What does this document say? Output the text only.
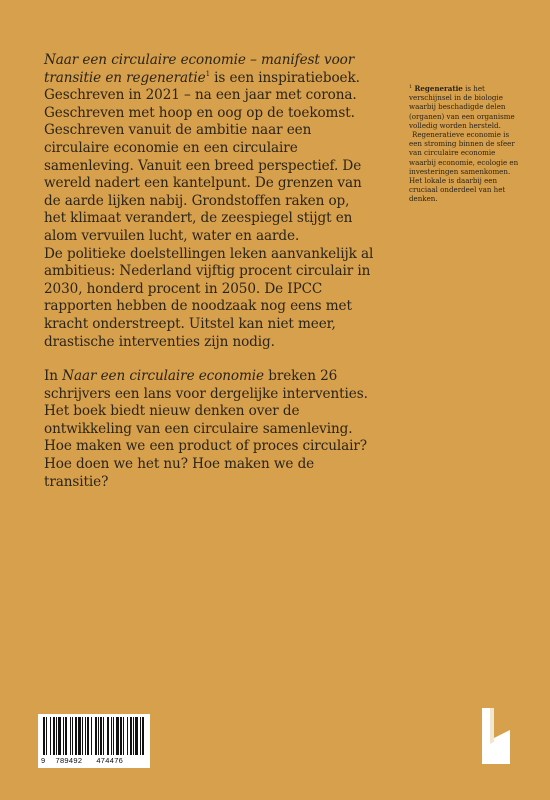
Naar een circulaire economie – manifest voor transitie en regeneratie$^1$ is een inspiratieboek. Geschreven in 2021 – na een jaar met corona. Geschreven met hoop en oog op de toekomst. Geschreven vanuit de ambitie naar een circulaire economie en een circulaire samenleving. Vanuit een breed perspectief. De wereld nadert een kantelpunt. De grenzen van de aarde lijken nabij. Grondstoffen raken op, het klimaat verandert, de zeespiegel stijgt en alom vervuilen lucht, water en aarde.

De politieke doelstellingen leken aanvankelijk al ambitieus: Nederland vijftig procent circulair in 2030, honderd procent in 2050. De IPCC rapporten hebben de noodzaak nog eens met kracht onderstreept. Uitstel kan niet meer, drastische interventies zijn nodig.

In Naar een circulaire economie breken 26 schrijvers een lans voor dergelijke interventies. Het boek biedt nieuw denken over de ontwikkeling van een circulaire samenleving. Hoe maken we een product of proces circulair? Hoe doen we het nu? Hoe maken we de transitie?

$^1$ Regeneratie is het verschijnsel in de biologie waarbij beschadigde delen (organen) van een organisme volledig worden hersteld.

Regeneratieve economie is een stroming binnen de sfeer van circulaire economie waarbij economie, ecologie en investeringen samenkomen. Het lokale is daarbij een cruciaal onderdeel van het denken.

9 789492 474476
